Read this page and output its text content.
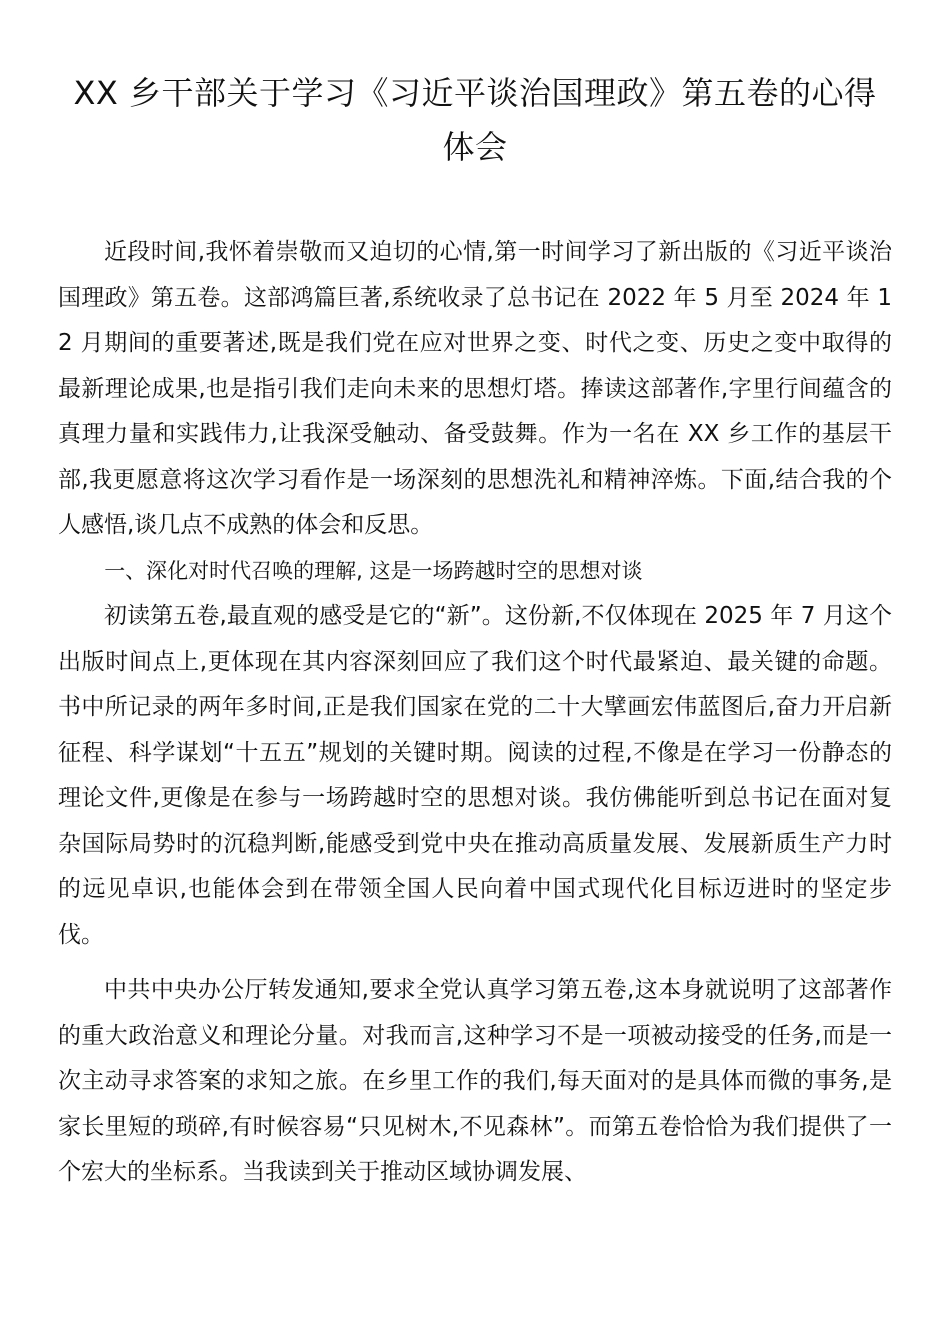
XX 乡干部关于学习《习近平谈治国理政》第五卷的心得体会

近段时间,我怀着崇敬而又迫切的心情,第一时间学习了新出版的《习近平谈治国理政》第五卷。这部鸿篇巨著,系统收录了总书记在 2022 年 5 月至 2024 年 12 月期间的重要著述,既是我们党在应对世界之变、时代之变、历史之变中取得的最新理论成果,也是指引我们走向未来的思想灯塔。捧读这部著作,字里行间蕴含的真理力量和实践伟力,让我深受触动、备受鼓舞。作为一名在 XX 乡工作的基层干部,我更愿意将这次学习看作是一场深刻的思想洗礼和精神淬炼。下面,结合我的个人感悟,谈几点不成熟的体会和反思。

一、深化对时代召唤的理解, 这是一场跨越时空的思想对谈

初读第五卷,最直观的感受是它的“新”。这份新,不仅体现在 2025 年 7 月这个出版时间点上,更体现在其内容深刻回应了我们这个时代最紧迫、最关键的命题。书中所记录的两年多时间,正是我们国家在党的二十大擘画宏伟蓝图后,奋力开启新征程、科学谋划“十五五”规划的关键时期。阅读的过程,不像是在学习一份静态的理论文件,更像是在参与一场跨越时空的思想对谈。我仿佛能听到总书记在面对复杂国际局势时的沉稳判断,能感受到党中央在推动高质量发展、发展新质生产力时的远见卓识,也能体会到在带领全国人民向着中国式现代化目标迈进时的坚定步伐。

中共中央办公厅转发通知,要求全党认真学习第五卷,这本身就说明了这部著作的重大政治意义和理论分量。对我而言,这种学习不是一项被动接受的任务,而是一次主动寻求答案的求知之旅。在乡里工作的我们,每天面对的是具体而微的事务,是家长里短的琐碎,有时候容易“只见树木,不见森林”。而第五卷恰恰为我们提供了一个宏大的坐标系。当我读到关于推动区域协调发展、
